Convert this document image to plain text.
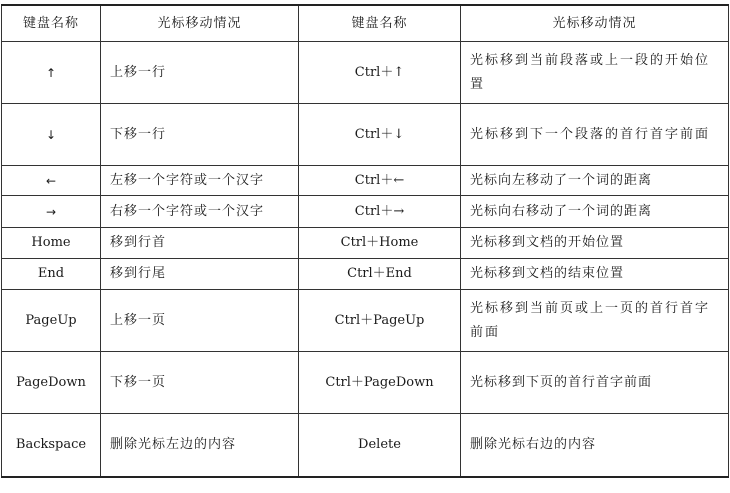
键盘名称	光标移动情况	键盘名称	光标移动情况
↑	上移一行	Ctrl＋↑	光标移到当前段落或上一段的开始位置
↓	下移一行	Ctrl＋↓	光标移到下一个段落的首行首字前面
←	左移一个字符或一个汉字	Ctrl＋←	光标向左移动了一个词的距离
→	右移一个字符或一个汉字	Ctrl＋→	光标向右移动了一个词的距离
Home	移到行首	Ctrl＋Home	光标移到文档的开始位置
End	移到行尾	Ctrl＋End	光标移到文档的结束位置
PageUp	上移一页	Ctrl＋PageUp	光标移到当前页或上一页的首行首字前面
PageDown	下移一页	Ctrl＋PageDown	光标移到下页的首行首字前面
Backspace	删除光标左边的内容	Delete	删除光标右边的内容
